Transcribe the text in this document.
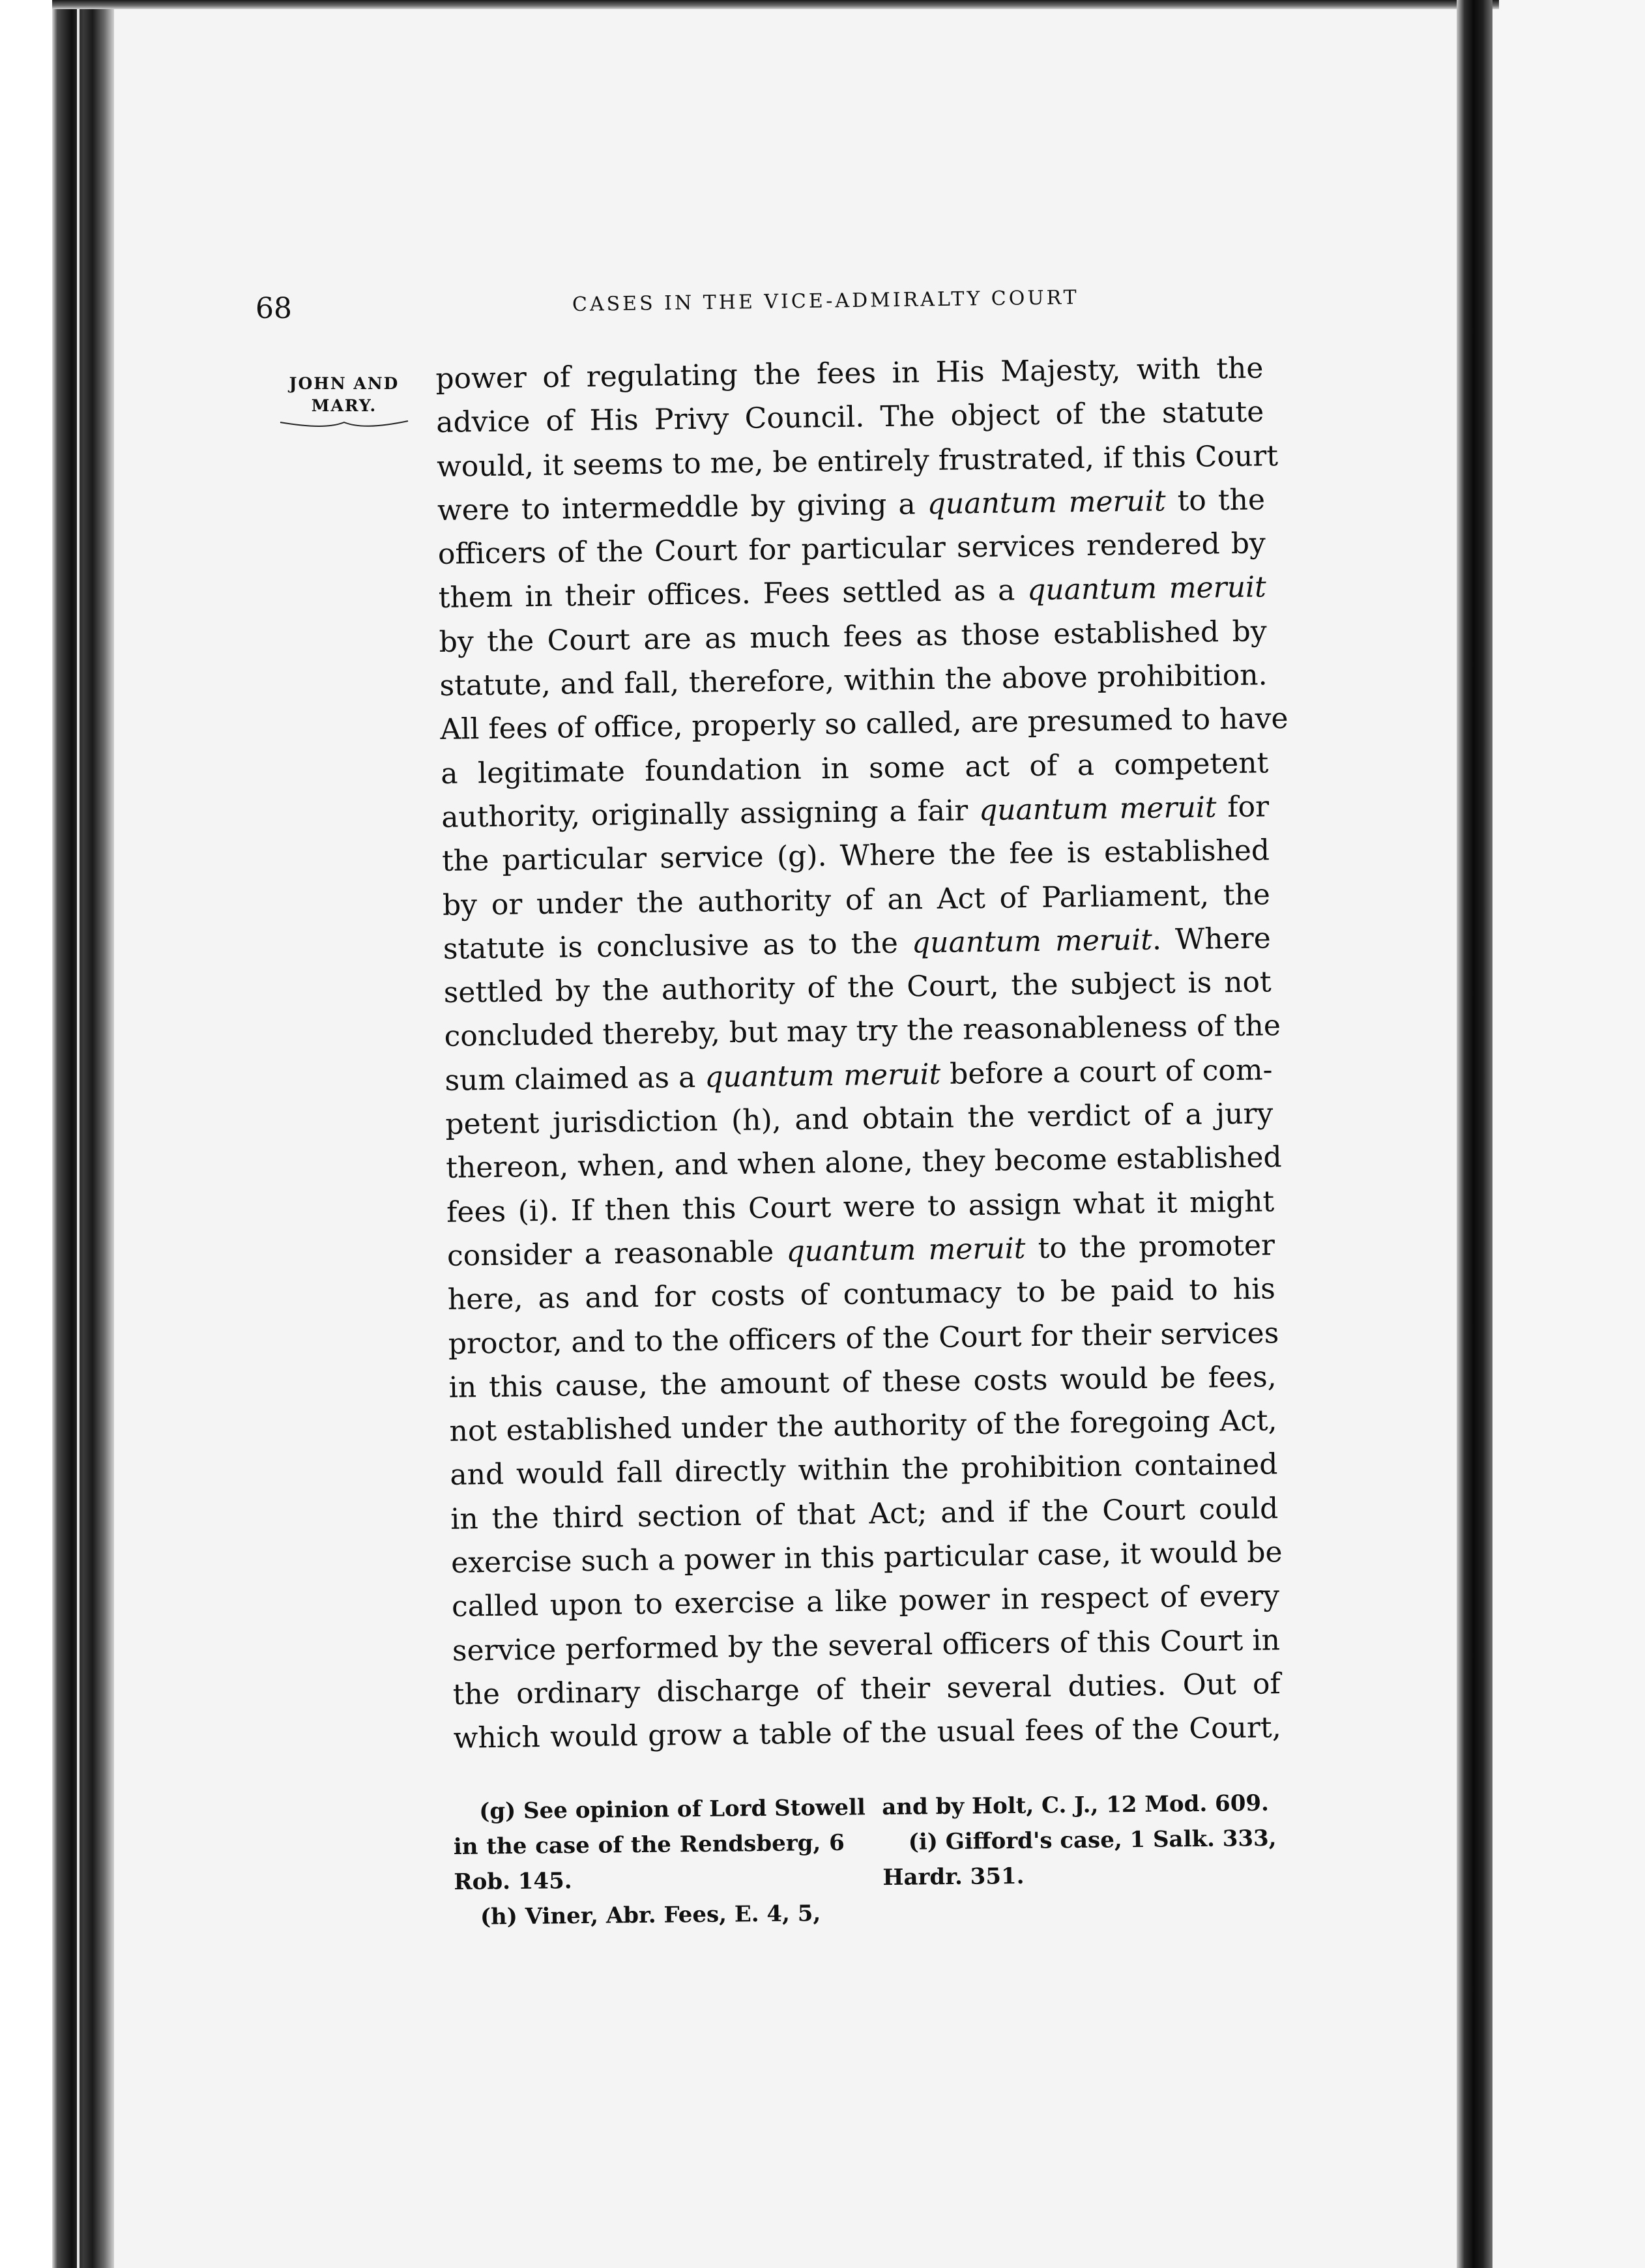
68	CASES IN THE VICE-ADMIRALTY COURT
JOHN AND
MARY.
power of regulating the fees in His Majesty, with the
advice of His Privy Council. The object of the statute
would, it seems to me, be entirely frustrated, if this Court
were to intermeddle by giving a quantum meruit to the
officers of the Court for particular services rendered by
them in their offices. Fees settled as a quantum meruit
by the Court are as much fees as those established by
statute, and fall, therefore, within the above prohibition.
All fees of office, properly so called, are presumed to have
a legitimate foundation in some act of a competent
authority, originally assigning a fair quantum meruit for
the particular service (g). Where the fee is established
by or under the authority of an Act of Parliament, the
statute is conclusive as to the quantum meruit. Where
settled by the authority of the Court, the subject is not
concluded thereby, but may try the reasonableness of the
sum claimed as a quantum meruit before a court of com-
petent jurisdiction (h), and obtain the verdict of a jury
thereon, when, and when alone, they become established
fees (i). If then this Court were to assign what it might
consider a reasonable quantum meruit to the promoter
here, as and for costs of contumacy to be paid to his
proctor, and to the officers of the Court for their services
in this cause, the amount of these costs would be fees,
not established under the authority of the foregoing Act,
and would fall directly within the prohibition contained
in the third section of that Act; and if the Court could
exercise such a power in this particular case, it would be
called upon to exercise a like power in respect of every
service performed by the several officers of this Court in
the ordinary discharge of their several duties. Out of
which would grow a table of the usual fees of the Court,
(g) See opinion of Lord Stowell
in the case of the Rendsberg, 6
Rob. 145.
(h) Viner, Abr. Fees, E. 4, 5,
and by Holt, C. J., 12 Mod. 609.
(i) Gifford's case, 1 Salk. 333,
Hardr. 351.
